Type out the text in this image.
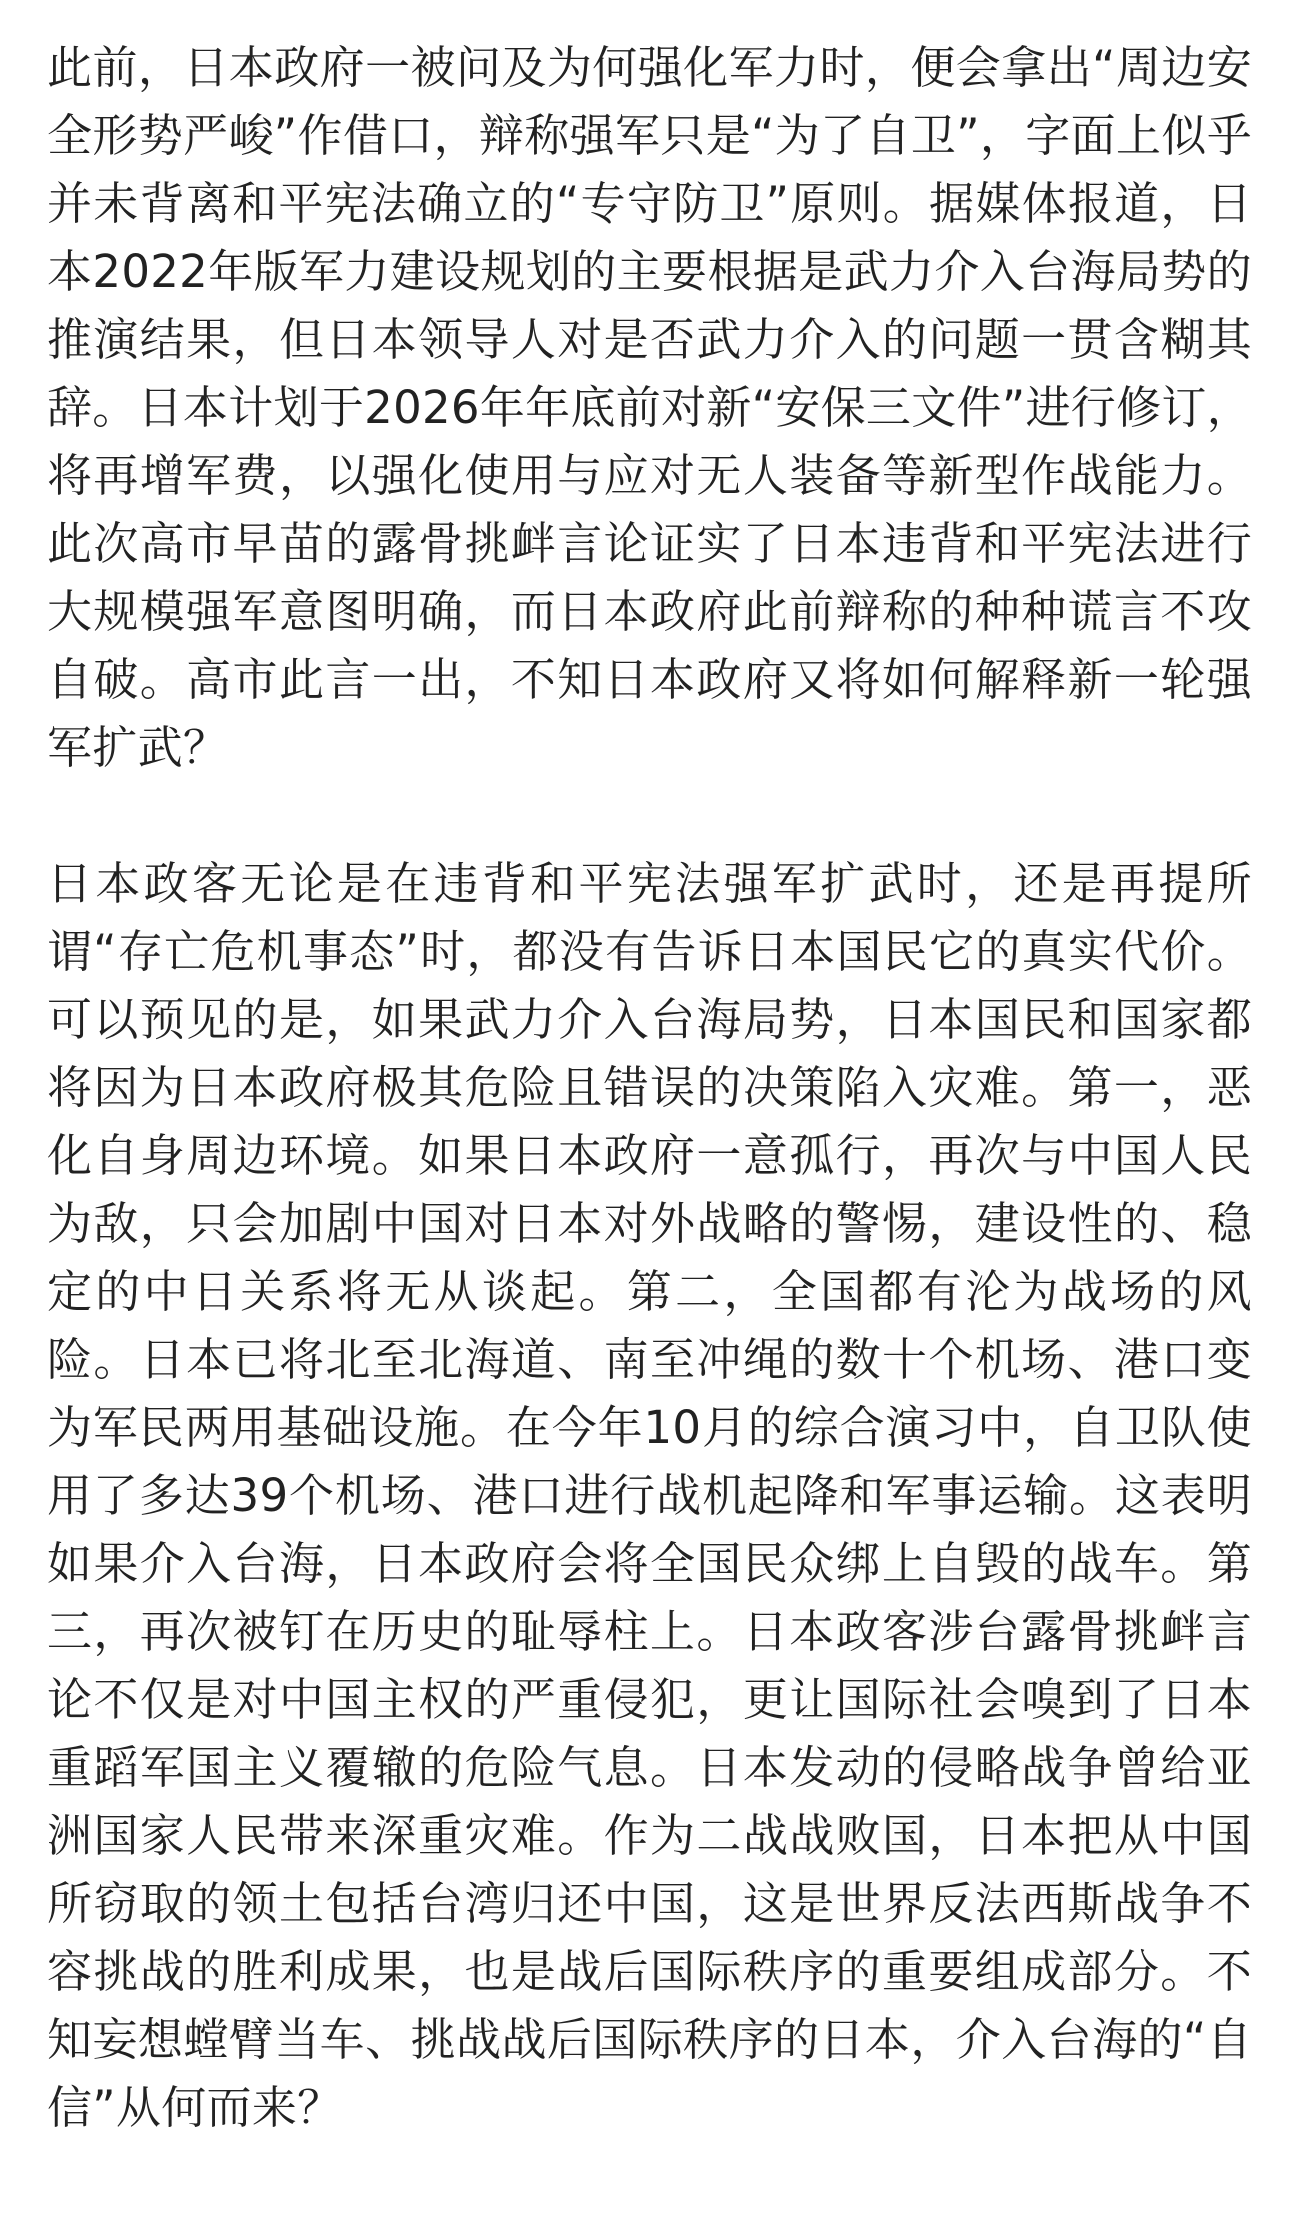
此前，日本政府一被问及为何强化军力时，便会拿出“周边安全形势严峻”作借口，辩称强军只是“为了自卫”，字面上似乎并未背离和平宪法确立的“专守防卫”原则。据媒体报道，日本2022年版军力建设规划的主要根据是武力介入台海局势的推演结果，但日本领导人对是否武力介入的问题一贯含糊其辞。日本计划于2026年年底前对新“安保三文件”进行修订，将再增军费，以强化使用与应对无人装备等新型作战能力。此次高市早苗的露骨挑衅言论证实了日本违背和平宪法进行大规模强军意图明确，而日本政府此前辩称的种种谎言不攻自破。高市此言一出，不知日本政府又将如何解释新一轮强军扩武？

日本政客无论是在违背和平宪法强军扩武时，还是再提所谓“存亡危机事态”时，都没有告诉日本国民它的真实代价。可以预见的是，如果武力介入台海局势，日本国民和国家都将因为日本政府极其危险且错误的决策陷入灾难。第一，恶化自身周边环境。如果日本政府一意孤行，再次与中国人民为敌，只会加剧中国对日本对外战略的警惕，建设性的、稳定的中日关系将无从谈起。第二，全国都有沦为战场的风险。日本已将北至北海道、南至冲绳的数十个机场、港口变为军民两用基础设施。在今年10月的综合演习中，自卫队使用了多达39个机场、港口进行战机起降和军事运输。这表明如果介入台海，日本政府会将全国民众绑上自毁的战车。第三，再次被钉在历史的耻辱柱上。日本政客涉台露骨挑衅言论不仅是对中国主权的严重侵犯，更让国际社会嗅到了日本重蹈军国主义覆辙的危险气息。日本发动的侵略战争曾给亚洲国家人民带来深重灾难。作为二战战败国，日本把从中国所窃取的领土包括台湾归还中国，这是世界反法西斯战争不容挑战的胜利成果，也是战后国际秩序的重要组成部分。不知妄想螳臂当车、挑战战后国际秩序的日本，介入台海的“自信”从何而来？
